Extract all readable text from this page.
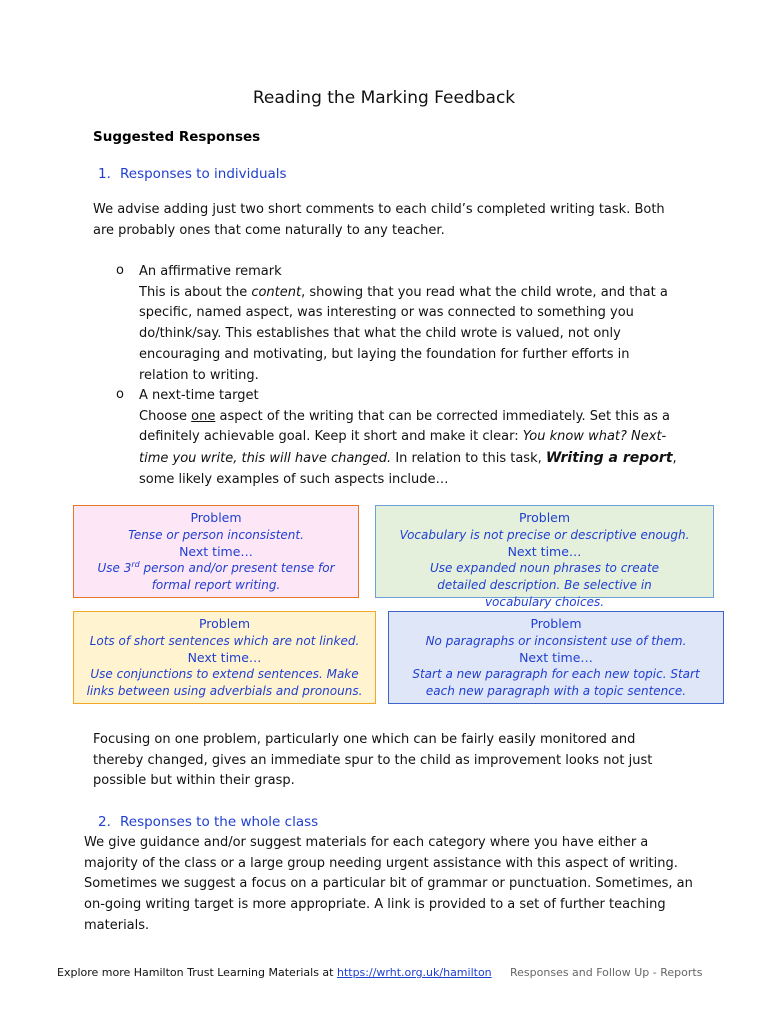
Reading the Marking Feedback
Suggested Responses
1. Responses to individuals
We advise adding just two short comments to each child’s completed writing task. Both are probably ones that come naturally to any teacher.
o An affirmative remark
This is about the content, showing that you read what the child wrote, and that a specific, named aspect, was interesting or was connected to something you do/think/say. This establishes that what the child wrote is valued, not only encouraging and motivating, but laying the foundation for further efforts in relation to writing.
o A next-time target
Choose one aspect of the writing that can be corrected immediately. Set this as a definitely achievable goal. Keep it short and make it clear: You know what? Next-time you write, this will have changed. In relation to this task, Writing a report, some likely examples of such aspects include…
Problem
Tense or person inconsistent.
Next time…
Use 3rd person and/or present tense for formal report writing.
Problem
Vocabulary is not precise or descriptive enough.
Next time…
Use expanded noun phrases to create detailed description. Be selective in vocabulary choices.
Problem
Lots of short sentences which are not linked.
Next time…
Use conjunctions to extend sentences. Make links between using adverbials and pronouns.
Problem
No paragraphs or inconsistent use of them.
Next time…
Start a new paragraph for each new topic. Start each new paragraph with a topic sentence.
Focusing on one problem, particularly one which can be fairly easily monitored and thereby changed, gives an immediate spur to the child as improvement looks not just possible but within their grasp.
2. Responses to the whole class
We give guidance and/or suggest materials for each category where you have either a majority of the class or a large group needing urgent assistance with this aspect of writing. Sometimes we suggest a focus on a particular bit of grammar or punctuation. Sometimes, an on-going writing target is more appropriate. A link is provided to a set of further teaching materials.
Explore more Hamilton Trust Learning Materials at https://wrht.org.uk/hamilton Responses and Follow Up - Reports
